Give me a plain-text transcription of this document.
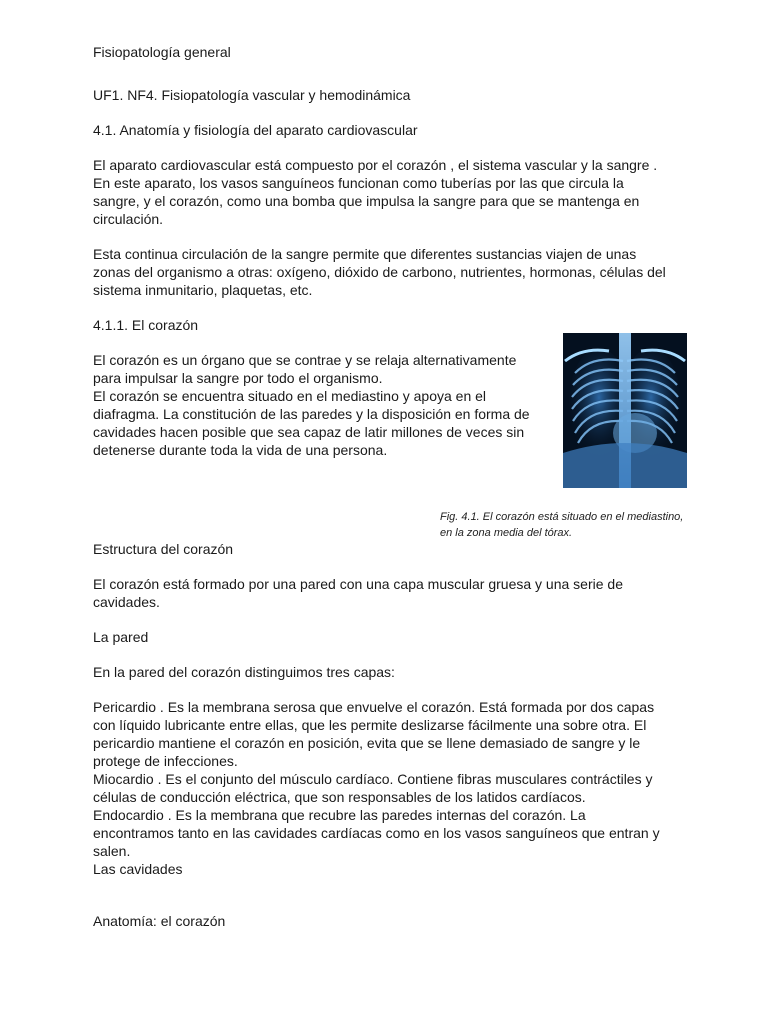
Fisiopatología general

UF1. NF4. Fisiopatología vascular y hemodinámica

4.1. Anatomía y fisiología del aparato cardiovascular

El aparato cardiovascular está compuesto por el corazón , el sistema vascular y la sangre .
En este aparato, los vasos sanguíneos funcionan como tuberías por las que circula la
sangre, y el corazón, como una bomba que impulsa la sangre para que se mantenga en
circulación.

Esta continua circulación de la sangre permite que diferentes sustancias viajen de unas
zonas del organismo a otras: oxígeno, dióxido de carbono, nutrientes, hormonas, células del
sistema inmunitario, plaquetas, etc.

4.1.1. El corazón

El corazón es un órgano que se contrae y se relaja alternativamente
para impulsar la sangre por todo el organismo.
El corazón se encuentra situado en el mediastino y apoya en el
diafragma. La constitución de las paredes y la disposición en forma de
cavidades hacen posible que sea capaz de latir millones de veces sin
detenerse durante toda la vida de una persona.

Fig. 4.1. El corazón está situado en el mediastino,
en la zona media del tórax.

Estructura del corazón

El corazón está formado por una pared con una capa muscular gruesa y una serie de
cavidades.

La pared

En la pared del corazón distinguimos tres capas:

Pericardio . Es la membrana serosa que envuelve el corazón. Está formada por dos capas
con líquido lubricante entre ellas, que les permite deslizarse fácilmente una sobre otra. El
pericardio mantiene el corazón en posición, evita que se llene demasiado de sangre y le
protege de infecciones.
Miocardio . Es el conjunto del músculo cardíaco. Contiene fibras musculares contráctiles y
células de conducción eléctrica, que son responsables de los latidos cardíacos.
Endocardio . Es la membrana que recubre las paredes internas del corazón. La
encontramos tanto en las cavidades cardíacas como en los vasos sanguíneos que entran y
salen.
Las cavidades

Anatomía: el corazón
